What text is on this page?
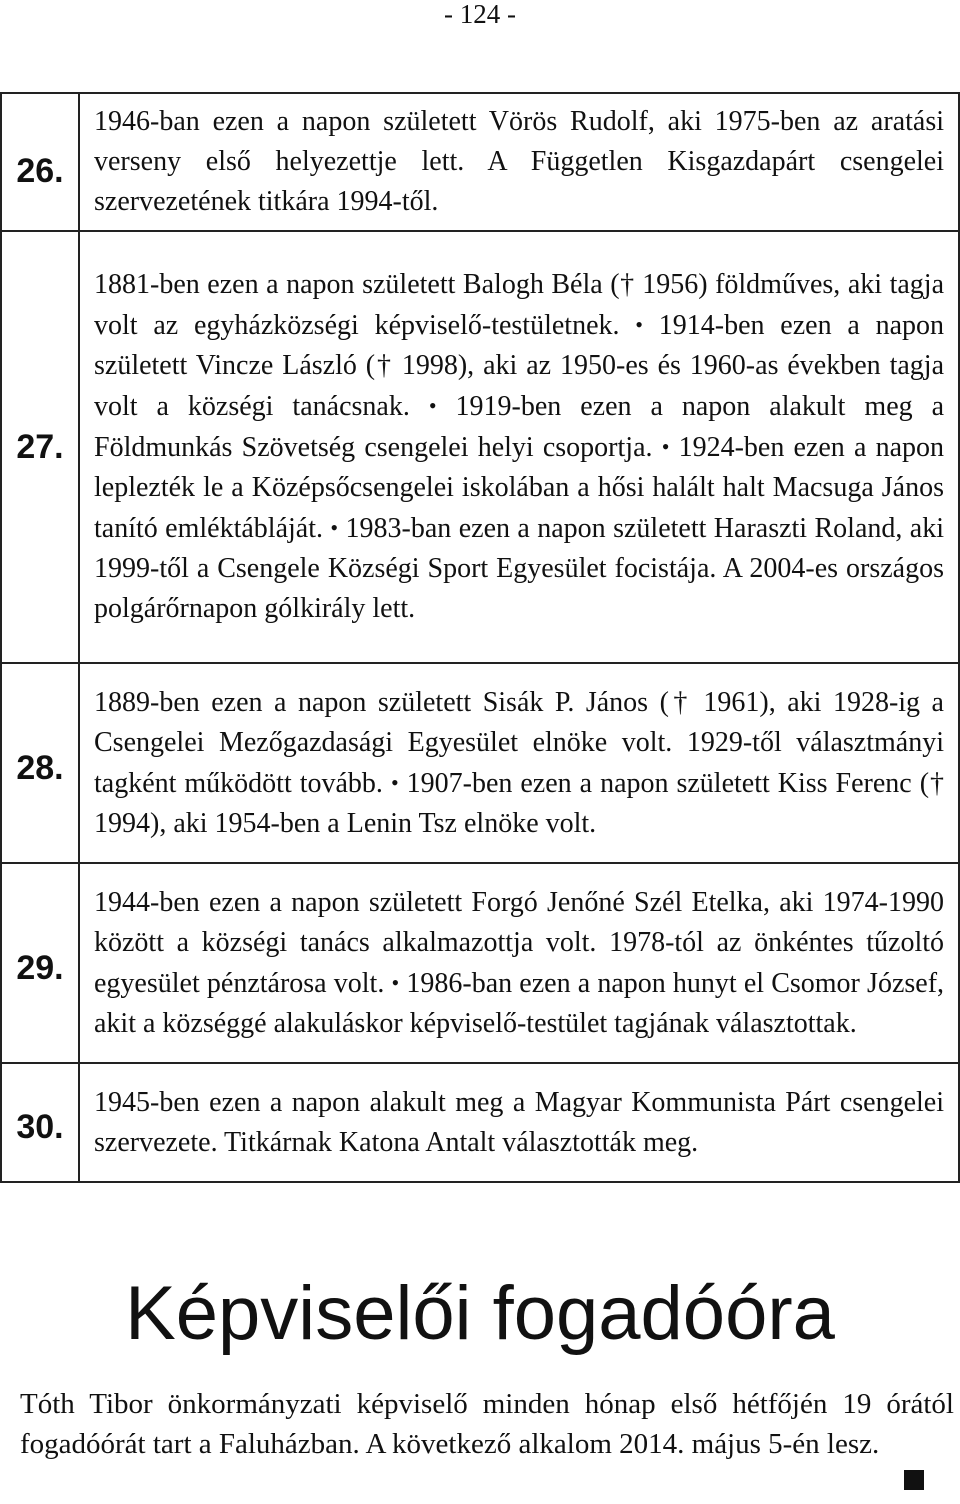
- 124 -
26.	1946-ban ezen a napon született Vörös Rudolf, aki 1975-ben az aratási verseny első helyezettje lett. A Független Kisgazdapárt csengelei szervezetének titkára 1994-től.

27.	1881-ben ezen a napon született Balogh Béla († 1956) földműves, aki tagja volt az egyházközségi képviselő-testületnek. • 1914-ben ezen a napon született Vincze László († 1998), aki az 1950-es és 1960-as években tagja volt a községi tanácsnak. • 1919-ben ezen a napon alakult meg a Földmunkás Szövetség csengelei helyi csoportja. • 1924-ben ezen a napon leplezték le a Középsőcsengelei iskolában a hősi halált halt Macsuga János tanító emléktábláját. • 1983-ban ezen a napon született Haraszti Roland, aki 1999-től a Csengele Községi Sport Egyesület focistája. A 2004-es országos polgárőrnapon gólkirály lett.

28.	1889-ben ezen a napon született Sisák P. János († 1961), aki 1928-ig a Csengelei Mezőgazdasági Egyesület elnöke volt. 1929-től választmányi tagként működött tovább. • 1907-ben ezen a napon született Kiss Ferenc († 1994), aki 1954-ben a Lenin Tsz elnöke volt.

29.	1944-ben ezen a napon született Forgó Jenőné Szél Etelka, aki 1974-1990 között a községi tanács alkalmazottja volt. 1978-tól az önkéntes tűzoltó egyesület pénztárosa volt. • 1986-ban ezen a napon hunyt el Csomor József, akit a községgé alakuláskor képviselő-testület tagjának választottak.

30.	1945-ben ezen a napon alakult meg a Magyar Kommunista Párt csengelei szervezete. Titkárnak Katona Antalt választották meg.
Képviselői fogadóóra

Tóth Tibor önkormányzati képviselő minden hónap első hétfőjén 19 órától fogadóórát tart a Faluházban. A következő alkalom 2014. május 5-én lesz.
